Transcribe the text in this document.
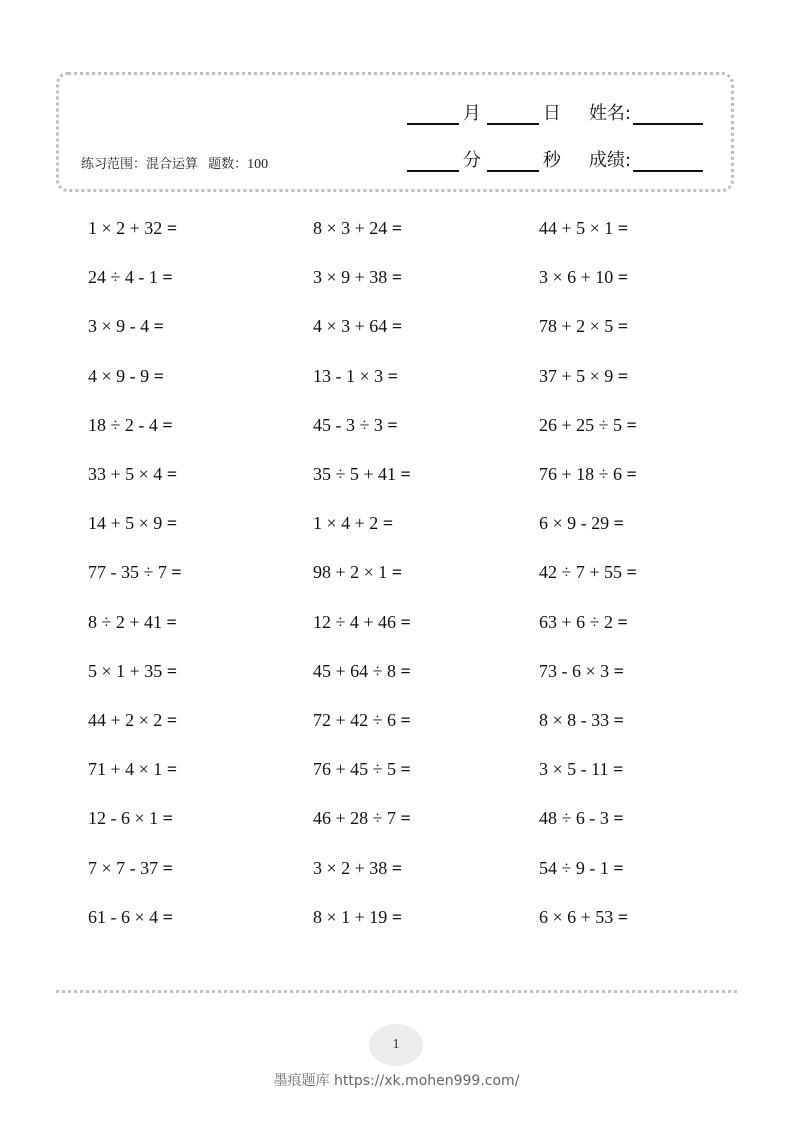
月	日 姓名:
分	秒 成绩:
练习范围：混合运算 题数：100
1 × 2 + 32 =	8 × 3 + 24 =	44 + 5 × 1 =
24 ÷ 4 - 1 =	3 × 9 + 38 =	3 × 6 + 10 =
3 × 9 - 4 =	4 × 3 + 64 =	78 + 2 × 5 =
4 × 9 - 9 =	13 - 1 × 3 =	37 + 5 × 9 =
18 ÷ 2 - 4 =	45 - 3 ÷ 3 =	26 + 25 ÷ 5 =
33 + 5 × 4 =	35 ÷ 5 + 41 =	76 + 18 ÷ 6 =
14 + 5 × 9 =	1 × 4 + 2 =	6 × 9 - 29 =
77 - 35 ÷ 7 =	98 + 2 × 1 =	42 ÷ 7 + 55 =
8 ÷ 2 + 41 =	12 ÷ 4 + 46 =	63 + 6 ÷ 2 =
5 × 1 + 35 =	45 + 64 ÷ 8 =	73 - 6 × 3 =
44 + 2 × 2 =	72 + 42 ÷ 6 =	8 × 8 - 33 =
71 + 4 × 1 =	76 + 45 ÷ 5 =	3 × 5 - 11 =
12 - 6 × 1 =	46 + 28 ÷ 7 =	48 ÷ 6 - 3 =
7 × 7 - 37 =	3 × 2 + 38 =	54 ÷ 9 - 1 =
61 - 6 × 4 =	8 × 1 + 19 =	6 × 6 + 53 =
1
墨痕题库 https://xk.mohen999.com/
